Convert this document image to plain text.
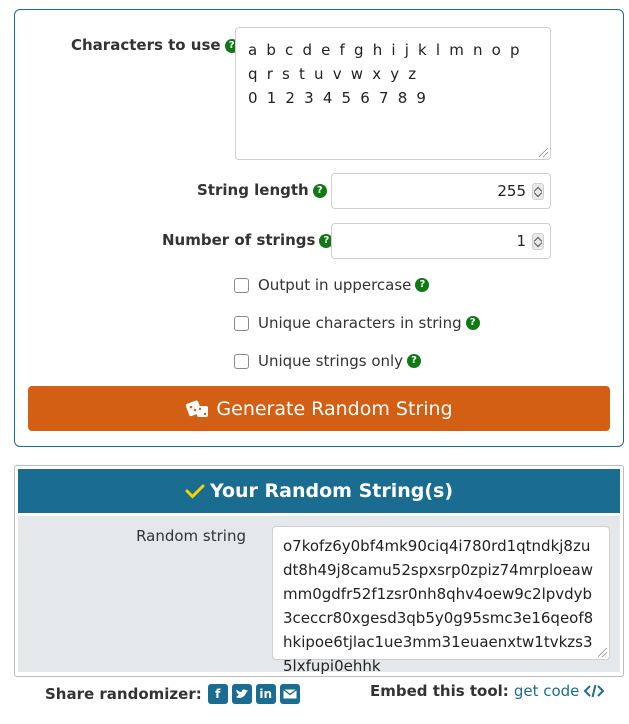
Characters to use ? a b c d e f g h i j k l m n o p q r s t u v w x y z
0 1 2 3 4 5 6 7 8 9
String length ?	255
Number of strings ?	1
Output in uppercase ?
Unique characters in string ?
Unique strings only ?
Generate Random String
Your Random String(s)
Random string
o7kofz6y0bf4mk90ciq4i780rd1qtndkj8zudt8h49j8camu52spxsrp0zpiz74mrploeawmm0gdfr52f1zsr0nh8qhv4oew9c2lpvdyb3ceccr80xgesd3qb5y0g95smc3e16qeof8hkipoe6tjlac1ue3mm31euaenxtw1tvkzs35lxfupi0ehhk
Share randomizer:	f	in	Embed this tool: get code
